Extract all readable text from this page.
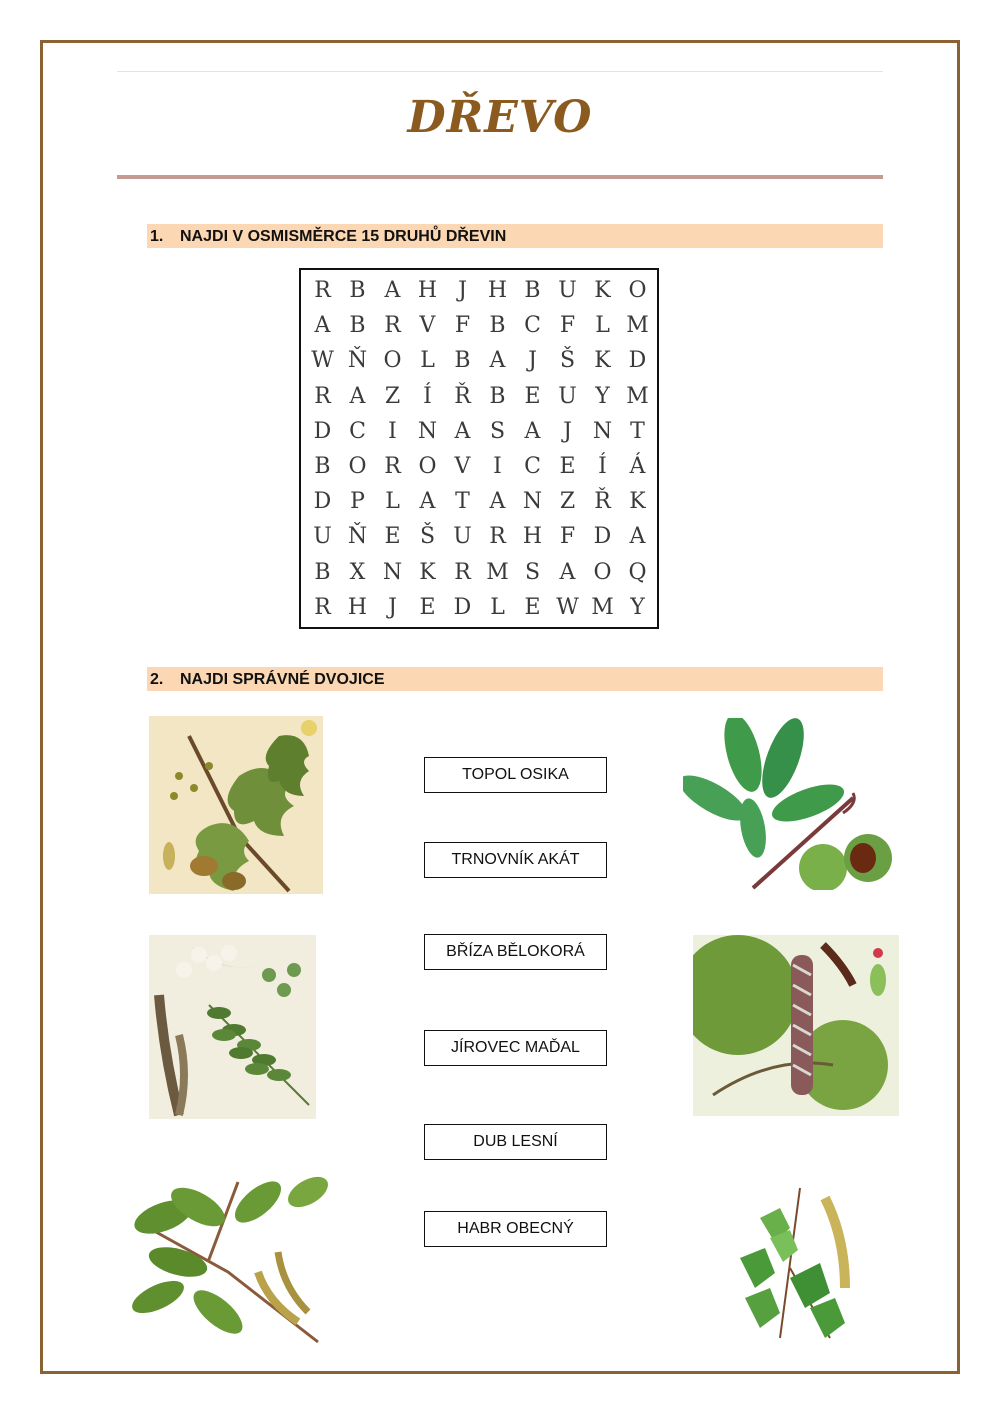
DŘEVO
1. NAJDI V OSMISMĚRCE 15 DRUHŮ DŘEVIN
R B A H J H B U K O
A B R V F B C F L M
W Ň O L B A	J	Š K D
R A Z	Í	Ř B E U Y M
D C	I N A S A	J N T
B O R O V	I	C E	Í	Á
D P L A T A N Z Ř K
U Ň E Š U R H F D A
B X N K R M S A O Q
R H J	E D L E W M Y
2. NAJDI SPRÁVNÉ DVOJICE
TOPOL OSIKA
TRNOVNÍK AKÁT
BŘÍZA BĚLOKORÁ
JÍROVEC MAĎAL
DUB LESNÍ
HABR OBECNÝ
